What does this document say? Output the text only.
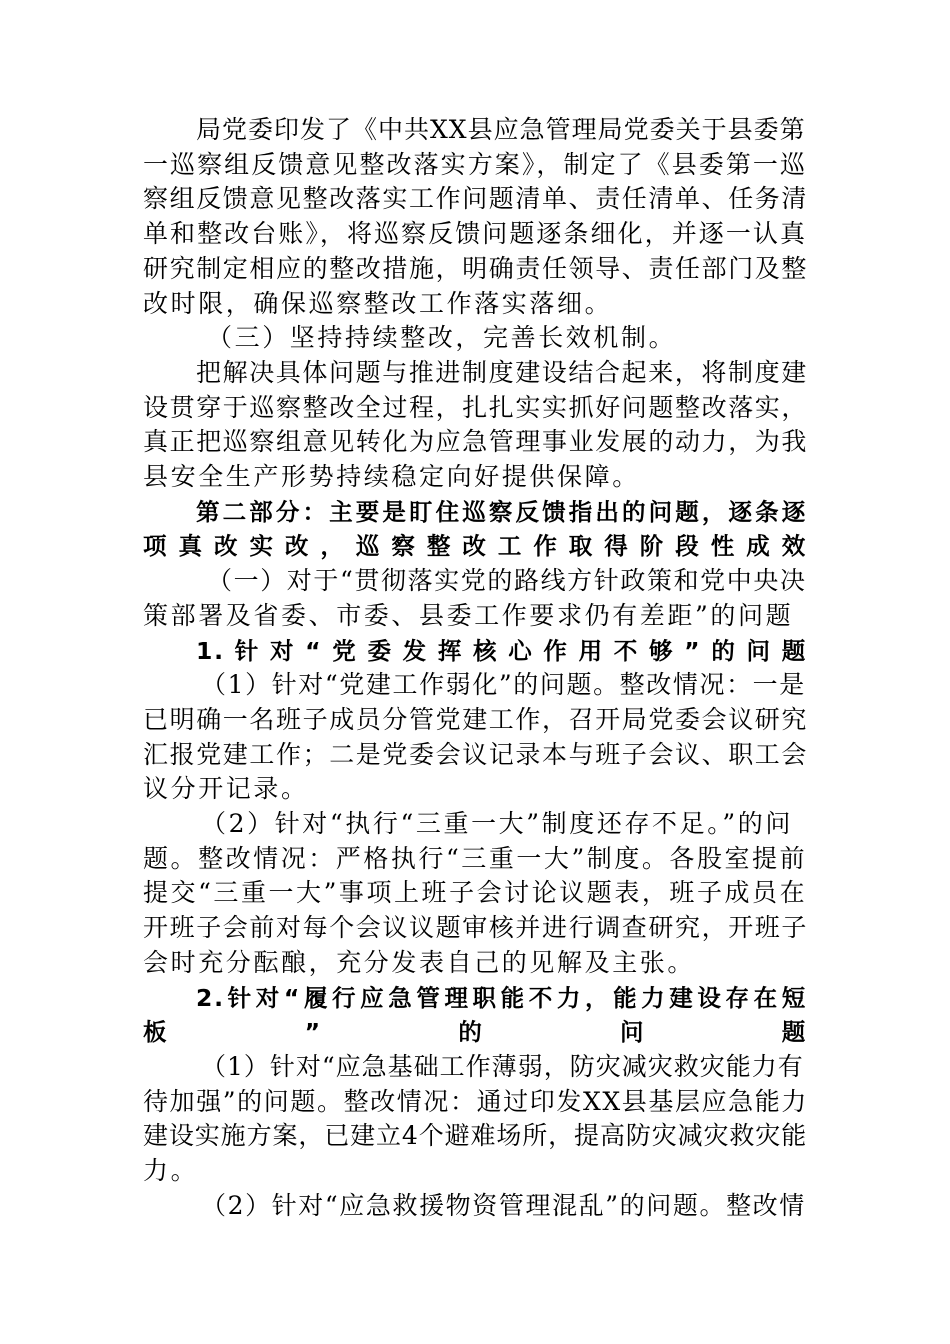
局党委印发了《中共XX县应急管理局党委关于县委第
一巡察组反馈意见整改落实方案》，制定了《县委第一巡
察组反馈意见整改落实工作问题清单、责任清单、任务清
单和整改台账》，将巡察反馈问题逐条细化，并逐一认真
研究制定相应的整改措施，明确责任领导、责任部门及整
改时限，确保巡察整改工作落实落细。
（三）坚持持续整改，完善长效机制。
把解决具体问题与推进制度建设结合起来，将制度建
设贯穿于巡察整改全过程，扎扎实实抓好问题整改落实，
真正把巡察组意见转化为应急管理事业发展的动力，为我
县安全生产形势持续稳定向好提供保障。
第二部分：主要是盯住巡察反馈指出的问题，逐条逐
项真改实改，巡察整改工作取得阶段性成效
（一）对于“贯彻落实党的路线方针政策和党中央决
策部署及省委、市委、县委工作要求仍有差距”的问题
1.针对“党委发挥核心作用不够”的问题
（1）针对“党建工作弱化”的问题。整改情况：一是
已明确一名班子成员分管党建工作，召开局党委会议研究
汇报党建工作；二是党委会议记录本与班子会议、职工会
议分开记录。
（2）针对“执行“三重一大”制度还存不足。”的问
题。整改情况：严格执行“三重一大”制度。各股室提前
提交“三重一大”事项上班子会讨论议题表，班子成员在
开班子会前对每个会议议题审核并进行调查研究，开班子
会时充分酝酿，充分发表自己的见解及主张。
2.针对“履行应急管理职能不力，能力建设存在短
板”的问题
（1）针对“应急基础工作薄弱，防灾减灾救灾能力有
待加强”的问题。整改情况：通过印发XX县基层应急能力
建设实施方案，已建立4个避难场所，提高防灾减灾救灾能
力。
（2）针对“应急救援物资管理混乱”的问题。整改情
